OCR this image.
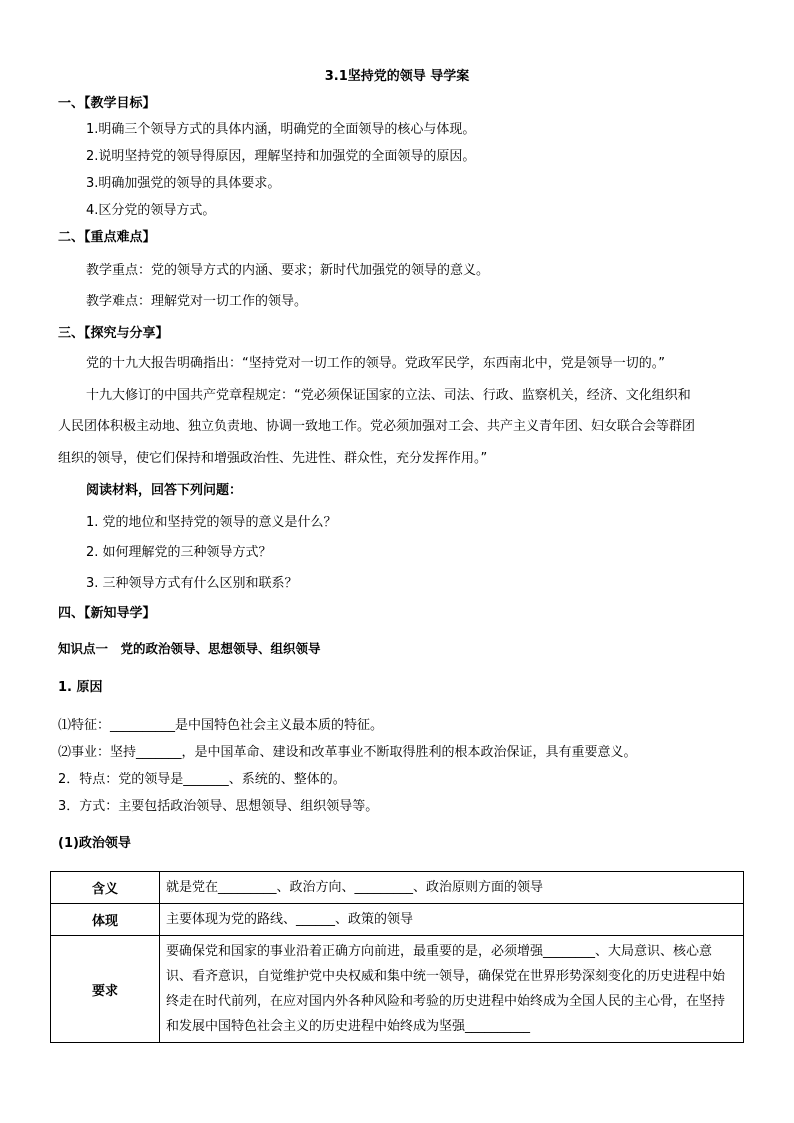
3.1坚持党的领导 导学案
一、【教学目标】
1.明确三个领导方式的具体内涵，明确党的全面领导的核心与体现。
2.说明坚持党的领导得原因，理解坚持和加强党的全面领导的原因。
3.明确加强党的领导的具体要求。
4.区分党的领导方式。
二、【重点难点】
教学重点：党的领导方式的内涵、要求；新时代加强党的领导的意义。
教学难点：理解党对一切工作的领导。
三、【探究与分享】
党的十九大报告明确指出：“坚持党对一切工作的领导。党政军民学，东西南北中，党是领导一切的。”
十九大修订的中国共产党章程规定：“党必须保证国家的立法、司法、行政、监察机关，经济、文化组织和
人民团体积极主动地、独立负责地、协调一致地工作。党必须加强对工会、共产主义青年团、妇女联合会等群团
组织的领导，使它们保持和增强政治性、先进性、群众性，充分发挥作用。”
阅读材料，回答下列问题：
1. 党的地位和坚持党的领导的意义是什么？
2. 如何理解党的三种领导方式？
3. 三种领导方式有什么区别和联系？
四、【新知导学】
知识点一　党的政治领导、思想领导、组织领导
1. 原因
⑴特征：__________是中国特色社会主义最本质的特征。
⑵事业：坚持_______，是中国革命、建设和改革事业不断取得胜利的根本政治保证，具有重要意义。
2．特点：党的领导是_______、系统的、整体的。
3．方式：主要包括政治领导、思想领导、组织领导等。
(1)政治领导
含义	就是党在_________、政治方向、_________、政治原则方面的领导
体现	主要体现为党的路线、______、政策的领导
要求	要确保党和国家的事业沿着正确方向前进，最重要的是，必须增强________、大局意识、核心意识、看齐意识，自觉维护党中央权威和集中统一领导，确保党在世界形势深刻变化的历史进程中始终走在时代前列，在应对国内外各种风险和考验的历史进程中始终成为全国人民的主心骨，在坚持和发展中国特色社会主义的历史进程中始终成为坚强__________
